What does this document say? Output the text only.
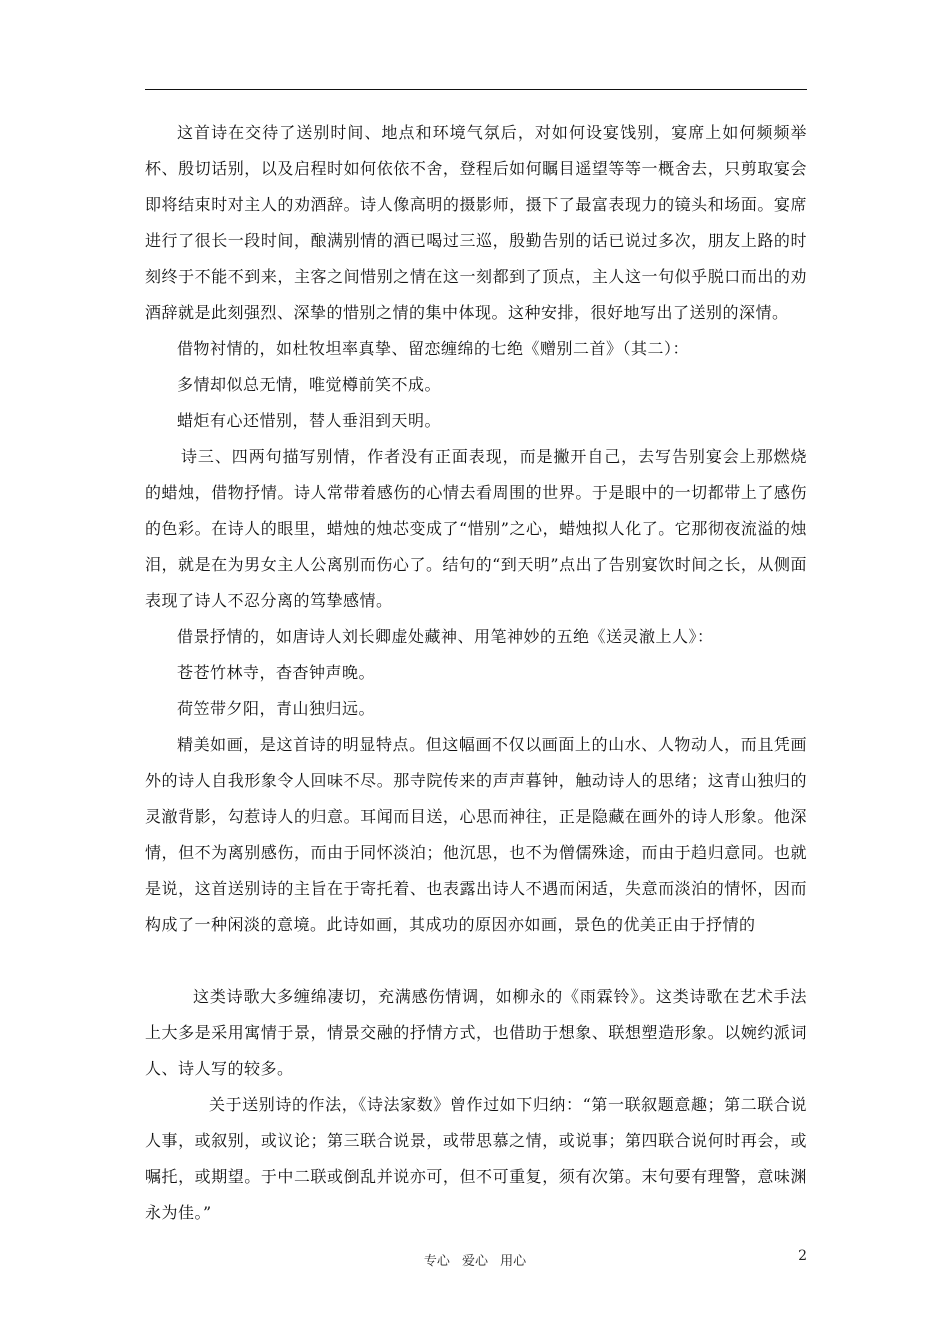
这首诗在交待了送别时间、地点和环境气氛后，对如何设宴饯别，宴席上如何频频举杯、殷切话别，以及启程时如何依依不舍，登程后如何瞩目遥望等等一概舍去，只剪取宴会即将结束时对主人的劝酒辞。诗人像高明的摄影师，摄下了最富表现力的镜头和场面。宴席进行了很长一段时间，酿满别情的酒已喝过三巡，殷勤告别的话已说过多次，朋友上路的时刻终于不能不到来，主客之间惜别之情在这一刻都到了顶点，主人这一句似乎脱口而出的劝酒辞就是此刻强烈、深挚的惜别之情的集中体现。这种安排，很好地写出了送别的深情。

借物衬情的，如杜牧坦率真挚、留恋缠绵的七绝《赠别二首》（其二）：

多情却似总无情，唯觉樽前笑不成。

蜡炬有心还惜别，替人垂泪到天明。

诗三、四两句描写别情，作者没有正面表现，而是撇开自己，去写告别宴会上那燃烧的蜡烛，借物抒情。诗人常带着感伤的心情去看周围的世界。于是眼中的一切都带上了感伤的色彩。在诗人的眼里，蜡烛的烛芯变成了“惜别”之心，蜡烛拟人化了。它那彻夜流溢的烛泪，就是在为男女主人公离别而伤心了。结句的“到天明”点出了告别宴饮时间之长，从侧面表现了诗人不忍分离的笃挚感情。

借景抒情的，如唐诗人刘长卿虚处藏神、用笔神妙的五绝《送灵澈上人》：

苍苍竹林寺，杳杳钟声晚。

荷笠带夕阳，青山独归远。

精美如画，是这首诗的明显特点。但这幅画不仅以画面上的山水、人物动人，而且凭画外的诗人自我形象令人回味不尽。那寺院传来的声声暮钟，触动诗人的思绪；这青山独归的灵澈背影，勾惹诗人的归意。耳闻而目送，心思而神往，正是隐藏在画外的诗人形象。他深情，但不为离别感伤，而由于同怀淡泊；他沉思，也不为僧儒殊途，而由于趋归意同。也就是说，这首送别诗的主旨在于寄托着、也表露出诗人不遇而闲适，失意而淡泊的情怀，因而构成了一种闲淡的意境。此诗如画，其成功的原因亦如画，景色的优美正由于抒情的

这类诗歌大多缠绵凄切，充满感伤情调，如柳永的《雨霖铃》。这类诗歌在艺术手法上大多是采用寓情于景，情景交融的抒情方式，也借助于想象、联想塑造形象。以婉约派词人、诗人写的较多。

关于送别诗的作法，《诗法家数》曾作过如下归纳：“第一联叙题意趣；第二联合说人事，或叙别，或议论；第三联合说景，或带思慕之情，或说事；第四联合说何时再会，或嘱托，或期望。于中二联或倒乱并说亦可，但不可重复，须有次第。末句要有理警，意味渊永为佳。”

专心 爱心 用心	2
